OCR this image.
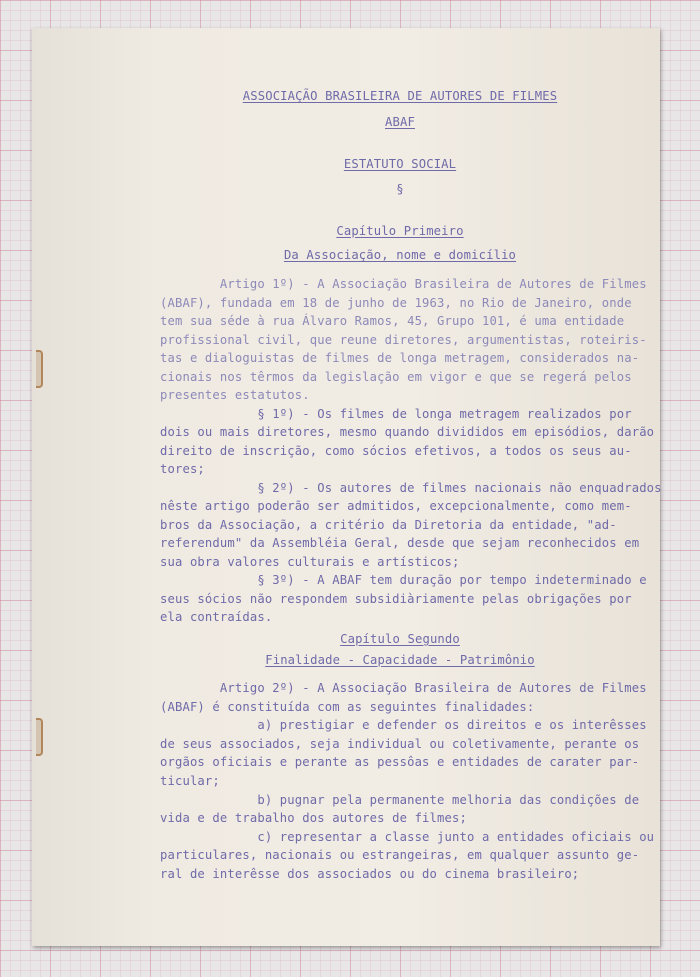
ASSOCIAÇÃO BRASILEIRA DE AUTORES DE FILMES
ABAF
ESTATUTO SOCIAL
§
Capítulo Primeiro
Da Associação, nome e domicílio
Artigo 1º) - A Associação Brasileira de Autores de Filmes
(ABAF), fundada em 18 de junho de 1963, no Rio de Janeiro, onde
tem sua séde à rua Álvaro Ramos, 45, Grupo 101, é uma entidade
profissional civil, que reune diretores, argumentistas, roteiris-
tas e dialoguistas de filmes de longa metragem, considerados na-
cionais nos têrmos da legislação em vigor e que se regerá pelos
presentes estatutos.
§ 1º) - Os filmes de longa metragem realizados por
dois ou mais diretores, mesmo quando divididos em episódios, darão
direito de inscrição, como sócios efetivos, a todos os seus au-
tores;
§ 2º) - Os autores de filmes nacionais não enquadrados
nêste artigo poderão ser admitidos, excepcionalmente, como mem-
bros da Associação, a critério da Diretoria da entidade, "ad-
referendum" da Assembléia Geral, desde que sejam reconhecidos em
sua obra valores culturais e artísticos;
§ 3º) - A ABAF tem duração por tempo indeterminado e
seus sócios não respondem subsidiàriamente pelas obrigações por
ela contraídas.
Capítulo Segundo
Finalidade - Capacidade - Patrimônio
Artigo 2º) - A Associação Brasileira de Autores de Filmes
(ABAF) é constituída com as seguintes finalidades:
a) prestigiar e defender os direitos e os interêsses
de seus associados, seja individual ou coletivamente, perante os
orgãos oficiais e perante as pessôas e entidades de carater par-
ticular;
b) pugnar pela permanente melhoria das condições de
vida e de trabalho dos autores de filmes;
c) representar a classe junto a entidades oficiais ou
particulares, nacionais ou estrangeiras, em qualquer assunto ge-
ral de interêsse dos associados ou do cinema brasileiro;
